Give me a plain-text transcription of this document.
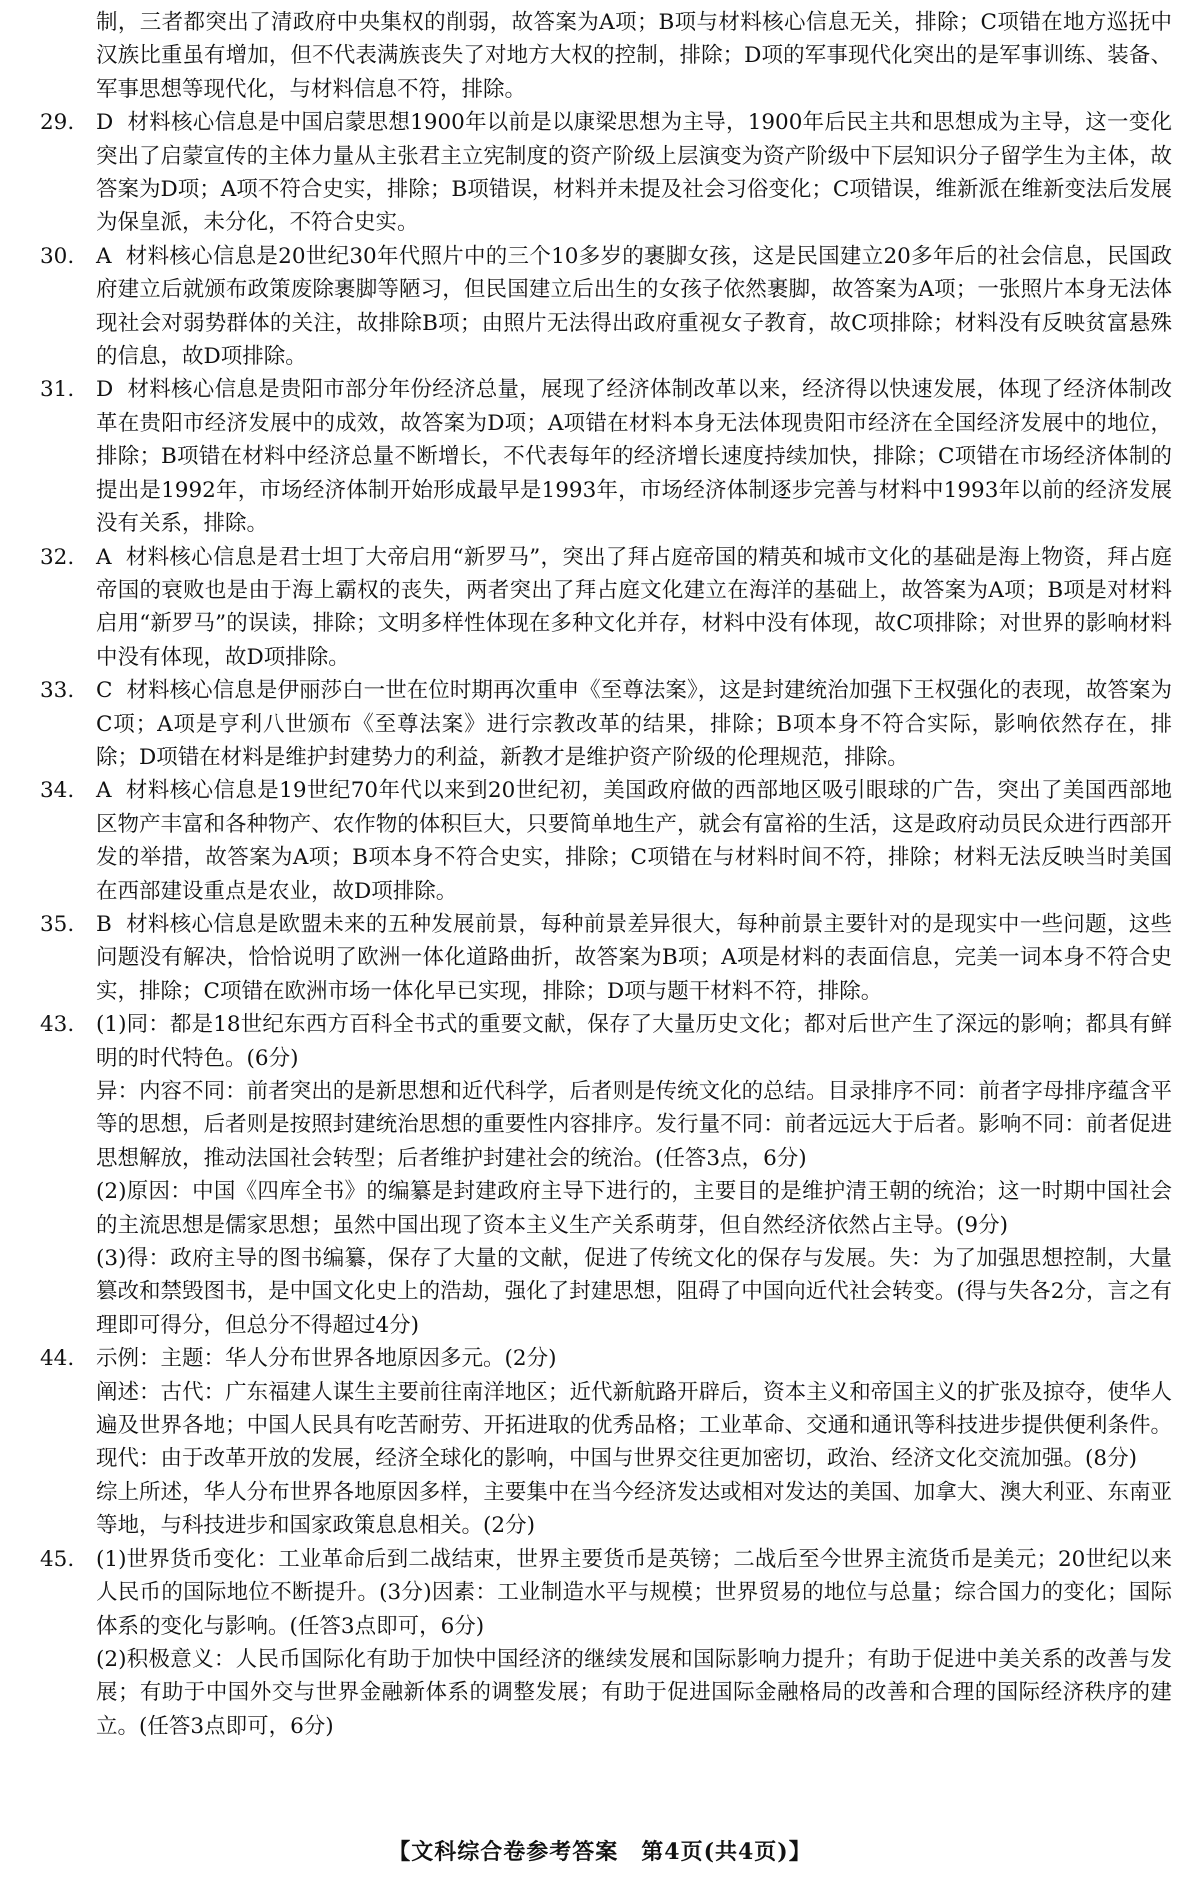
制，三者都突出了清政府中央集权的削弱，故答案为A项；B项与材料核心信息无关，排除；C项错在地方巡抚中汉族比重虽有增加，但不代表满族丧失了对地方大权的控制，排除；D项的军事现代化突出的是军事训练、装备、军事思想等现代化，与材料信息不符，排除。

29. D 材料核心信息是中国启蒙思想1900年以前是以康梁思想为主导，1900年后民主共和思想成为主导，这一变化突出了启蒙宣传的主体力量从主张君主立宪制度的资产阶级上层演变为资产阶级中下层知识分子留学生为主体，故答案为D项；A项不符合史实，排除；B项错误，材料并未提及社会习俗变化；C项错误，维新派在维新变法后发展为保皇派，未分化，不符合史实。
30. A 材料核心信息是20世纪30年代照片中的三个10多岁的裹脚女孩，这是民国建立20多年后的社会信息，民国政府建立后就颁布政策废除裹脚等陋习，但民国建立后出生的女孩子依然裹脚，故答案为A项；一张照片本身无法体现社会对弱势群体的关注，故排除B项；由照片无法得出政府重视女子教育，故C项排除；材料没有反映贫富悬殊的信息，故D项排除。
31. D 材料核心信息是贵阳市部分年份经济总量，展现了经济体制改革以来，经济得以快速发展，体现了经济体制改革在贵阳市经济发展中的成效，故答案为D项；A项错在材料本身无法体现贵阳市经济在全国经济发展中的地位，排除；B项错在材料中经济总量不断增长，不代表每年的经济增长速度持续加快，排除；C项错在市场经济体制的提出是1992年，市场经济体制开始形成最早是1993年，市场经济体制逐步完善与材料中1993年以前的经济发展没有关系，排除。
32. A 材料核心信息是君士坦丁大帝启用“新罗马”，突出了拜占庭帝国的精英和城市文化的基础是海上物资，拜占庭帝国的衰败也是由于海上霸权的丧失，两者突出了拜占庭文化建立在海洋的基础上，故答案为A项；B项是对材料启用“新罗马”的误读，排除；文明多样性体现在多种文化并存，材料中没有体现，故C项排除；对世界的影响材料中没有体现，故D项排除。
33. C 材料核心信息是伊丽莎白一世在位时期再次重申《至尊法案》，这是封建统治加强下王权强化的表现，故答案为C项；A项是亨利八世颁布《至尊法案》进行宗教改革的结果，排除；B项本身不符合实际，影响依然存在，排除；D项错在材料是维护封建势力的利益，新教才是维护资产阶级的伦理规范，排除。
34. A 材料核心信息是19世纪70年代以来到20世纪初，美国政府做的西部地区吸引眼球的广告，突出了美国西部地区物产丰富和各种物产、农作物的体积巨大，只要简单地生产，就会有富裕的生活，这是政府动员民众进行西部开发的举措，故答案为A项；B项本身不符合史实，排除；C项错在与材料时间不符，排除；材料无法反映当时美国在西部建设重点是农业，故D项排除。
35. B 材料核心信息是欧盟未来的五种发展前景，每种前景差异很大，每种前景主要针对的是现实中一些问题，这些问题没有解决，恰恰说明了欧洲一体化道路曲折，故答案为B项；A项是材料的表面信息，完美一词本身不符合史实，排除；C项错在欧洲市场一体化早已实现，排除；D项与题干材料不符，排除。
43. (1)同：都是18世纪东西方百科全书式的重要文献，保存了大量历史文化；都对后世产生了深远的影响；都具有鲜明的时代特色。(6分)

异：内容不同：前者突出的是新思想和近代科学，后者则是传统文化的总结。目录排序不同：前者字母排序蕴含平等的思想，后者则是按照封建统治思想的重要性内容排序。发行量不同：前者远远大于后者。影响不同：前者促进思想解放，推动法国社会转型；后者维护封建社会的统治。(任答3点，6分)

(2)原因：中国《四库全书》的编纂是封建政府主导下进行的，主要目的是维护清王朝的统治；这一时期中国社会的主流思想是儒家思想；虽然中国出现了资本主义生产关系萌芽，但自然经济依然占主导。(9分)

(3)得：政府主导的图书编纂，保存了大量的文献，促进了传统文化的保存与发展。失：为了加强思想控制，大量篡改和禁毁图书，是中国文化史上的浩劫，强化了封建思想，阻碍了中国向近代社会转变。(得与失各2分，言之有理即可得分，但总分不得超过4分)

44. 示例：主题：华人分布世界各地原因多元。(2分)

阐述：古代：广东福建人谋生主要前往南洋地区；近代新航路开辟后，资本主义和帝国主义的扩张及掠夺，使华人遍及世界各地；中国人民具有吃苦耐劳、开拓进取的优秀品格；工业革命、交通和通讯等科技进步提供便利条件。现代：由于改革开放的发展，经济全球化的影响，中国与世界交往更加密切，政治、经济文化交流加强。(8分)

综上所述，华人分布世界各地原因多样，主要集中在当今经济发达或相对发达的美国、加拿大、澳大利亚、东南亚等地，与科技进步和国家政策息息相关。(2分)

45. (1)世界货币变化：工业革命后到二战结束，世界主要货币是英镑；二战后至今世界主流货币是美元；20世纪以来人民币的国际地位不断提升。(3分)因素：工业制造水平与规模；世界贸易的地位与总量；综合国力的变化；国际体系的变化与影响。(任答3点即可，6分)

(2)积极意义：人民币国际化有助于加快中国经济的继续发展和国际影响力提升；有助于促进中美关系的改善与发展；有助于中国外交与世界金融新体系的调整发展；有助于促进国际金融格局的改善和合理的国际经济秩序的建立。(任答3点即可，6分)

【文科综合卷参考答案　第4页(共4页)】
